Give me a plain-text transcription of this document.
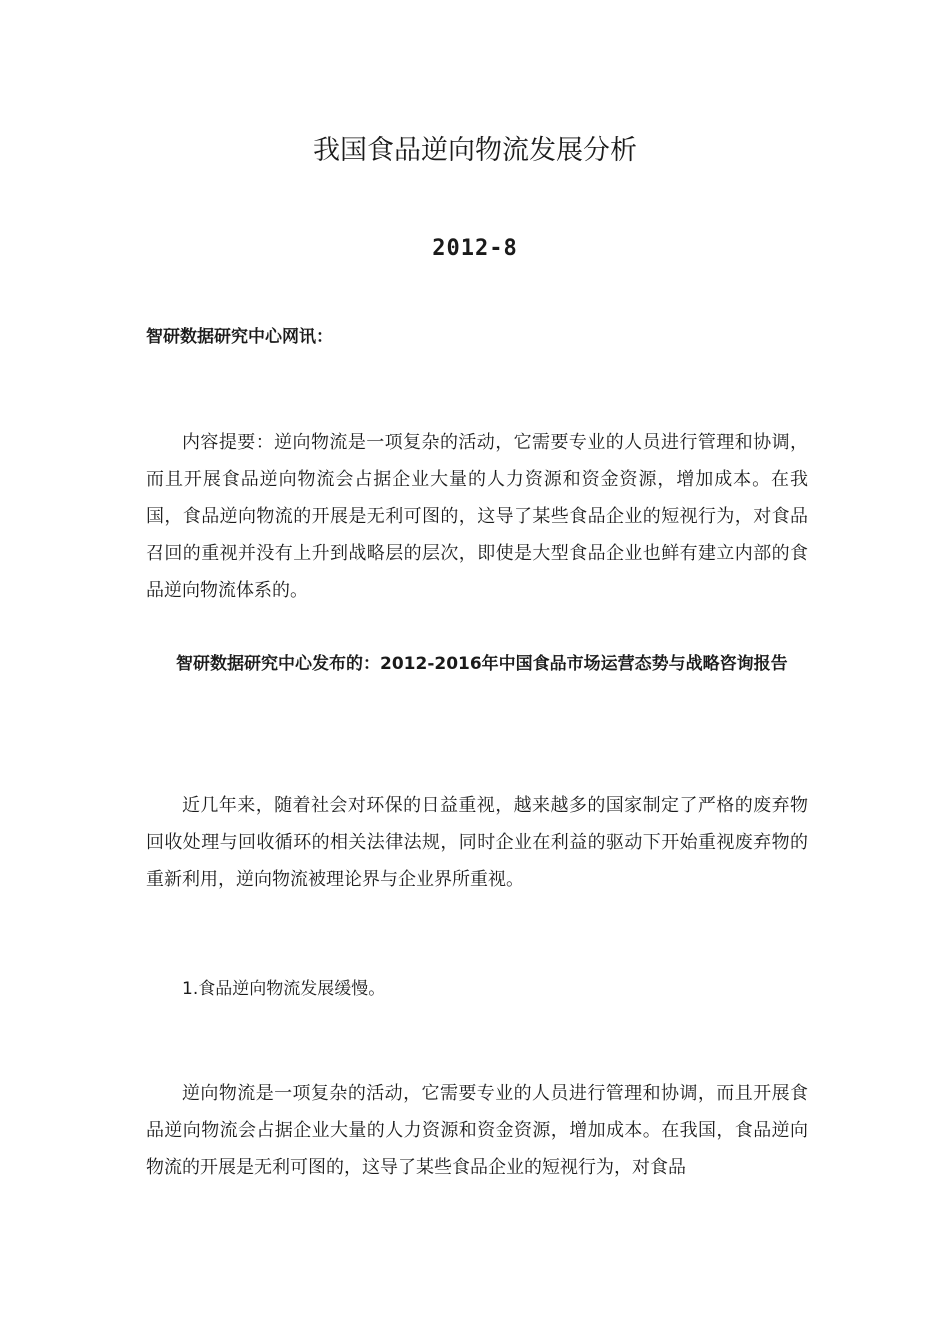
我国食品逆向物流发展分析
2012-8
智研数据研究中心网讯：

内容提要：逆向物流是一项复杂的活动，它需要专业的人员进行管理和协调，而且开展食品逆向物流会占据企业大量的人力资源和资金资源，增加成本。在我国，食品逆向物流的开展是无利可图的，这导了某些食品企业的短视行为，对食品召回的重视并没有上升到战略层的层次，即使是大型食品企业也鲜有建立内部的食品逆向物流体系的。

智研数据研究中心发布的：2012-2016年中国食品市场运营态势与战略咨询报告

近几年来，随着社会对环保的日益重视，越来越多的国家制定了严格的废弃物回收处理与回收循环的相关法律法规，同时企业在利益的驱动下开始重视废弃物的重新利用，逆向物流被理论界与企业界所重视。

1.食品逆向物流发展缓慢。

逆向物流是一项复杂的活动，它需要专业的人员进行管理和协调，而且开展食品逆向物流会占据企业大量的人力资源和资金资源，增加成本。在我国，食品逆向物流的开展是无利可图的，这导了某些食品企业的短视行为，对食品
